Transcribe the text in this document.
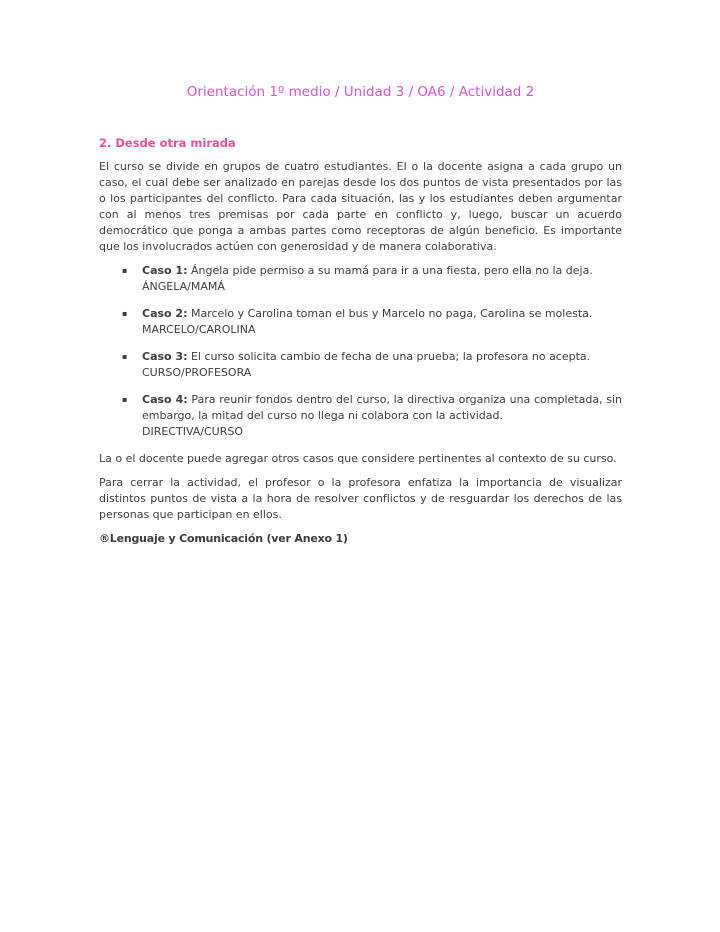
Orientación 1º medio / Unidad 3 / OA6 / Actividad 2

2. Desde otra mirada

El curso se divide en grupos de cuatro estudiantes. El o la docente asigna a cada grupo un caso, el cual debe ser analizado en parejas desde los dos puntos de vista presentados por las o los participantes del conflicto. Para cada situación, las y los estudiantes deben argumentar con al menos tres premisas por cada parte en conflicto y, luego, buscar un acuerdo democrático que ponga a ambas partes como receptoras de algún beneficio. Es importante que los involucrados actúen con generosidad y de manera colaborativa.

▪	Caso 1: Ángela pide permiso a su mamá para ir a una fiesta, pero ella no la deja.

ÁNGELA/MAMÁ

▪	Caso 2: Marcelo y Carolina toman el bus y Marcelo no paga, Carolina se molesta.

MARCELO/CAROLINA

▪	Caso 3: El curso solicita cambio de fecha de una prueba; la profesora no acepta.

CURSO/PROFESORA

▪	Caso 4: Para reunir fondos dentro del curso, la directiva organiza una completada, sin embargo, la mitad del curso no llega ni colabora con la actividad.

DIRECTIVA/CURSO

La o el docente puede agregar otros casos que considere pertinentes al contexto de su curso.

Para cerrar la actividad, el profesor o la profesora enfatiza la importancia de visualizar distintos puntos de vista a la hora de resolver conflictos y de resguardar los derechos de las personas que participan en ellos.

®Lenguaje y Comunicación (ver Anexo 1)
